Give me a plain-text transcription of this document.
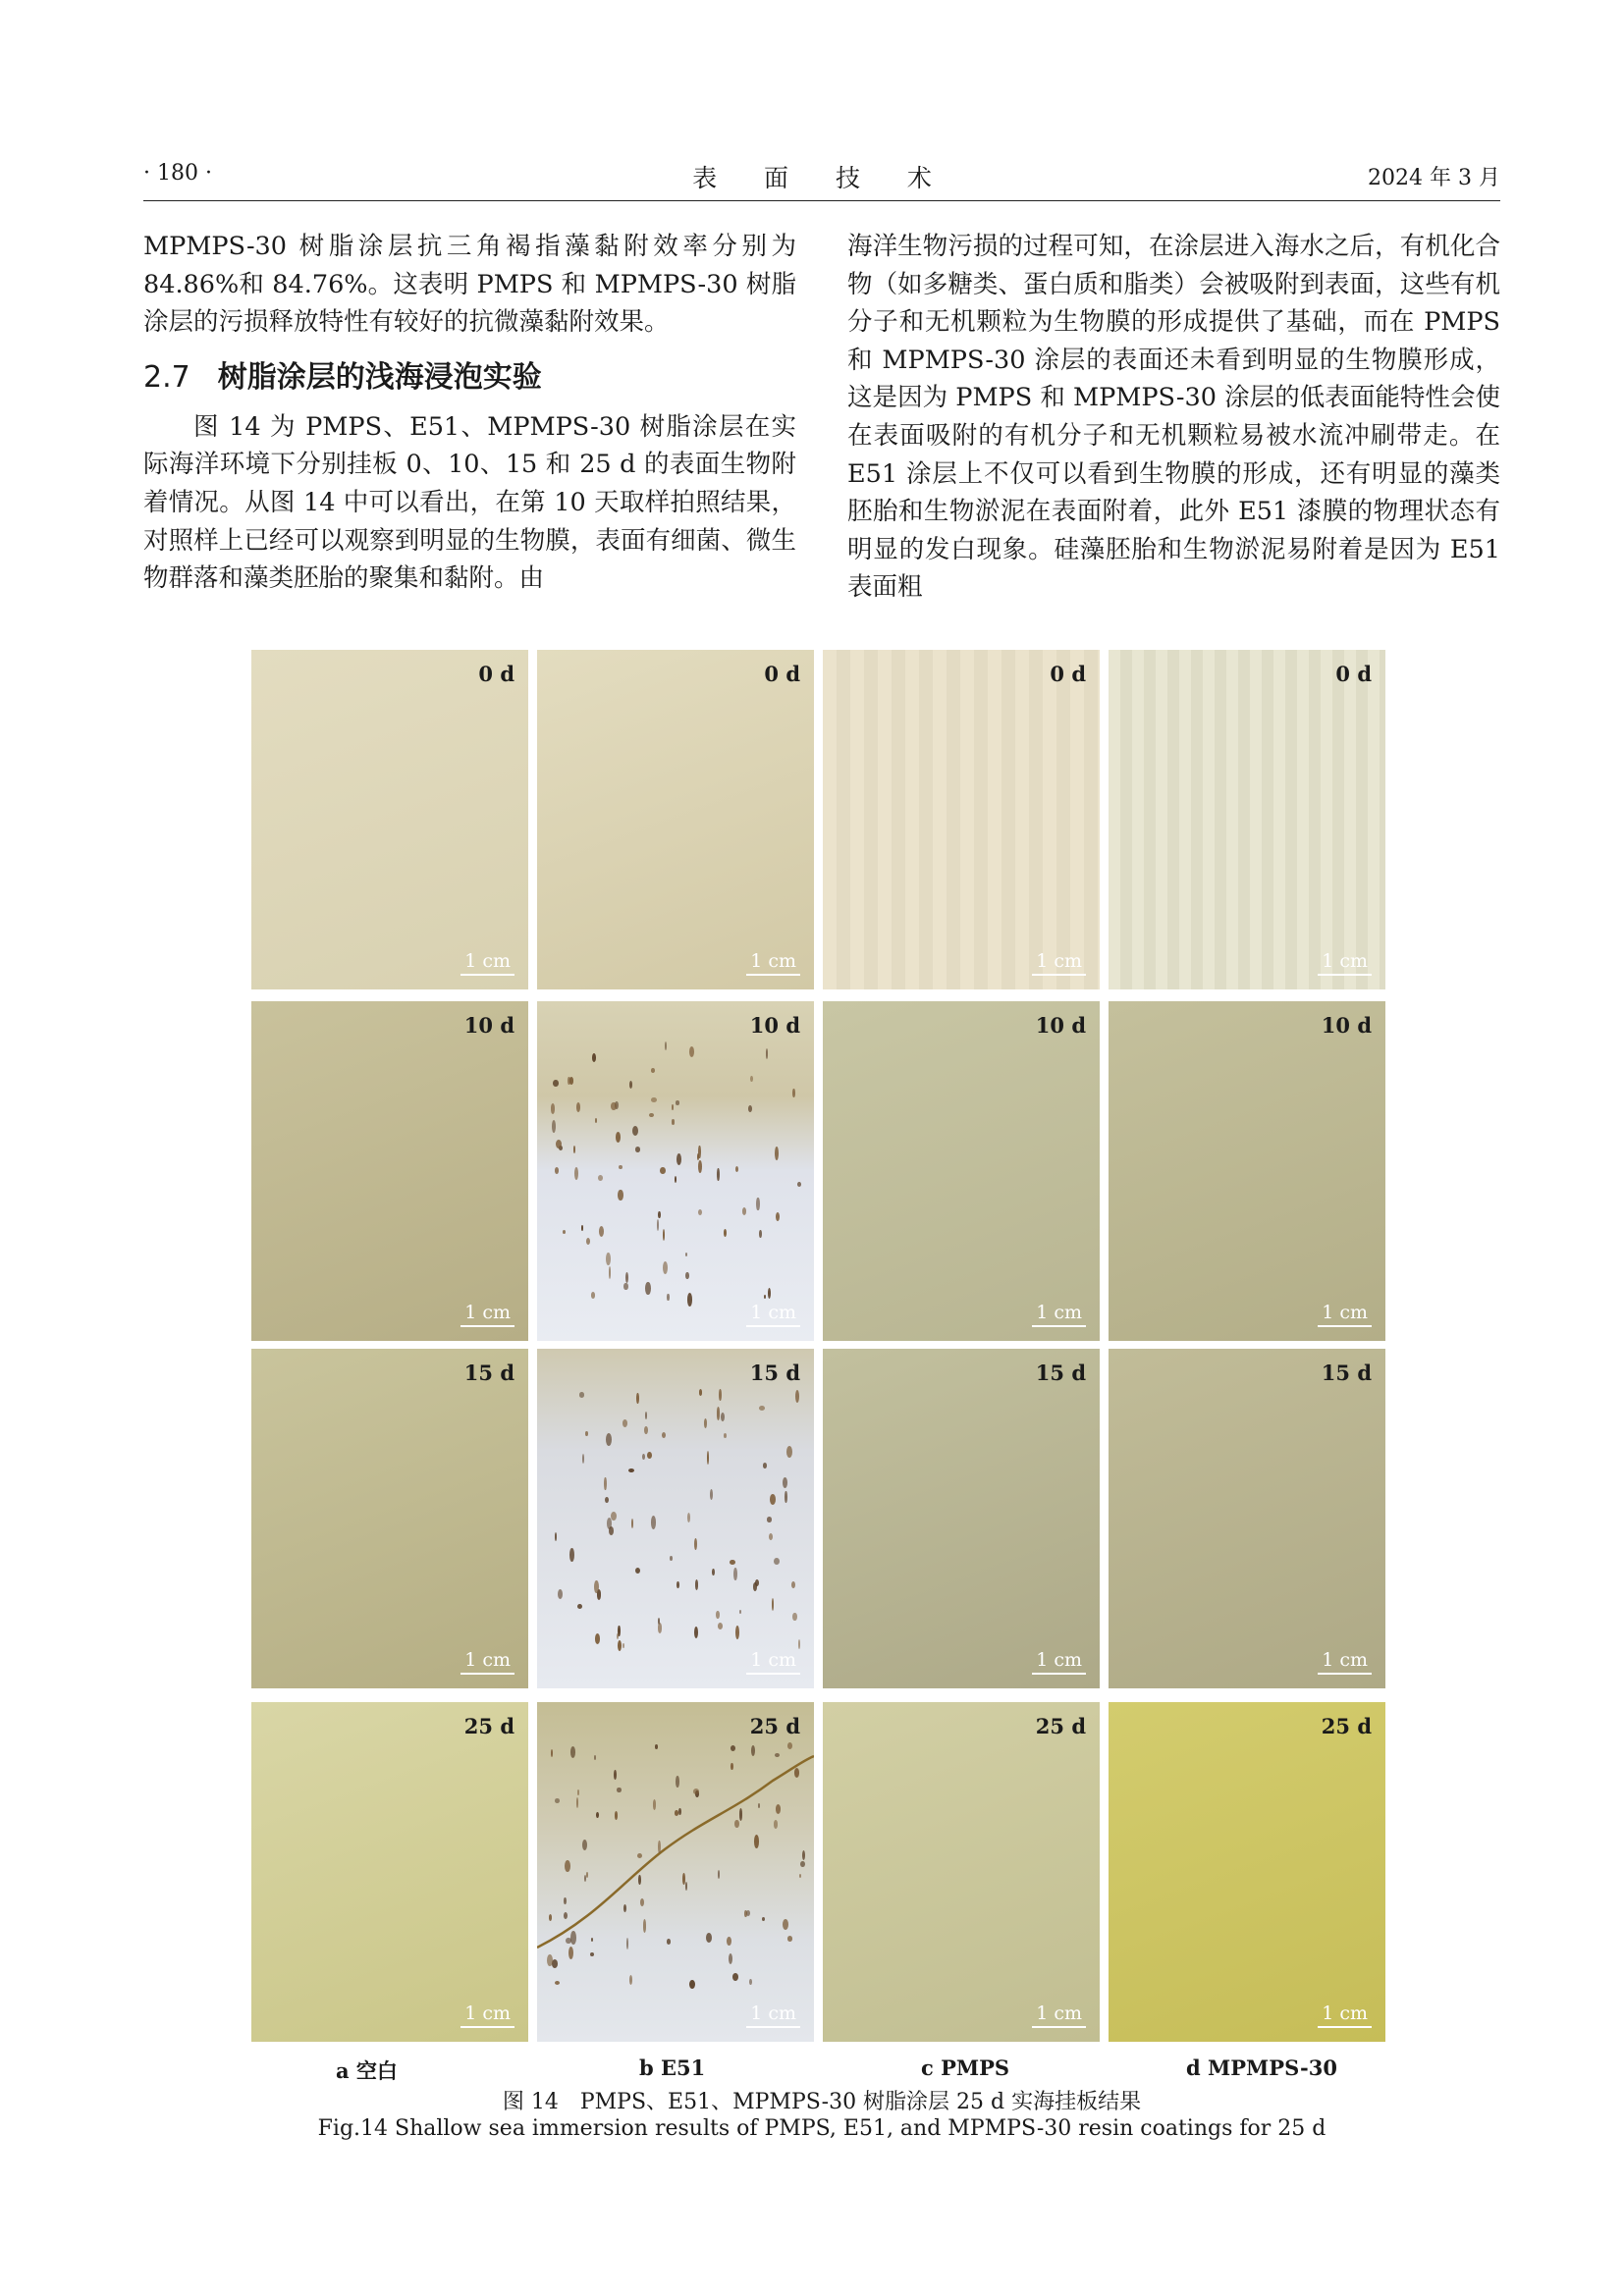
· 180 ·	表 面 技 术	2024 年 3 月

MPMPS-30 树脂涂层抗三角褐指藻黏附效率分别为 84.86%和 84.76%。这表明 PMPS 和 MPMPS-30 树脂涂层的污损释放特性有较好的抗微藻黏附效果。

2.7 树脂涂层的浅海浸泡实验

图 14 为 PMPS、E51、MPMPS-30 树脂涂层在实际海洋环境下分别挂板 0、10、15 和 25 d 的表面生物附着情况。从图 14 中可以看出，在第 10 天取样拍照结果，对照样上已经可以观察到明显的生物膜，表面有细菌、微生物群落和藻类胚胎的聚集和黏附。由

海洋生物污损的过程可知，在涂层进入海水之后，有机化合物（如多糖类、蛋白质和脂类）会被吸附到表面，这些有机分子和无机颗粒为生物膜的形成提供了基础，而在 PMPS 和 MPMPS-30 涂层的表面还未看到明显的生物膜形成，这是因为 PMPS 和 MPMPS-30 涂层的低表面能特性会使在表面吸附的有机分子和无机颗粒易被水流冲刷带走。在 E51 涂层上不仅可以看到生物膜的形成，还有明显的藻类胚胎和生物淤泥在表面附着，此外 E51 漆膜的物理状态有明显的发白现象。硅藻胚胎和生物淤泥易附着是因为 E51 表面粗

0 d
1 cm
0 d
1 cm
0 d
1 cm
0 d
1 cm
10 d
1 cm
10 d
1 cm
10 d
1 cm
10 d
1 cm
15 d
1 cm
15 d
1 cm
15 d
1 cm
15 d
1 cm
25 d
1 cm
25 d
1 cm
25 d
1 cm
25 d
1 cm
a 空白	b E51	c PMPS	d MPMPS-30
图 14　PMPS、E51、MPMPS-30 树脂涂层 25 d 实海挂板结果
Fig.14 Shallow sea immersion results of PMPS, E51, and MPMPS-30 resin coatings for 25 d
